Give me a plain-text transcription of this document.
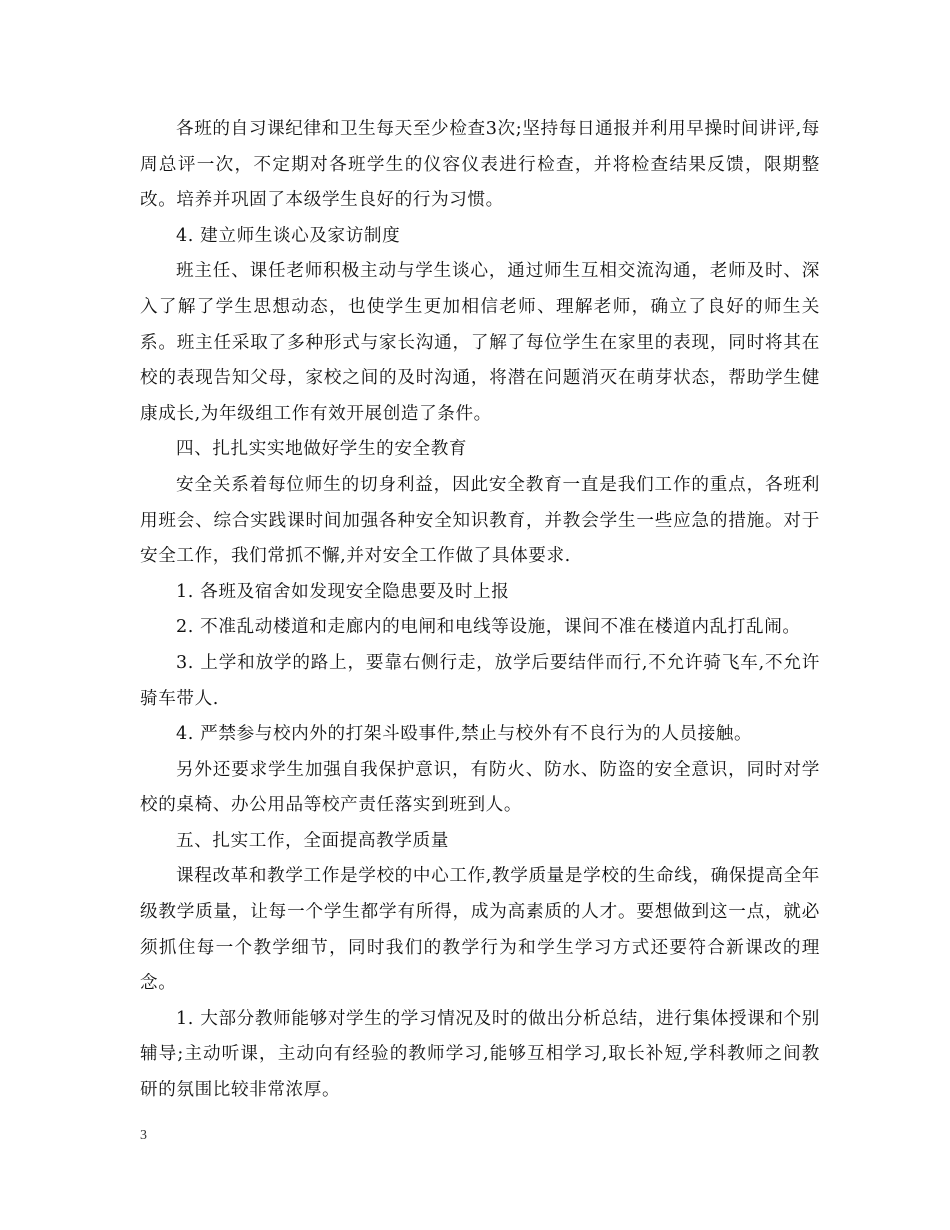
各班的自习课纪律和卫生每天至少检查3次;坚持每日通报并利用早操时间讲评,每周总评一次，不定期对各班学生的仪容仪表进行检查，并将检查结果反馈，限期整改。培养并巩固了本级学生良好的行为习惯。

4. 建立师生谈心及家访制度

班主任、课任老师积极主动与学生谈心，通过师生互相交流沟通，老师及时、深入了解了学生思想动态，也使学生更加相信老师、理解老师，确立了良好的师生关系。班主任采取了多种形式与家长沟通，了解了每位学生在家里的表现，同时将其在校的表现告知父母，家校之间的及时沟通，将潜在问题消灭在萌芽状态，帮助学生健康成长,为年级组工作有效开展创造了条件。

四、扎扎实实地做好学生的安全教育

安全关系着每位师生的切身利益，因此安全教育一直是我们工作的重点，各班利用班会、综合实践课时间加强各种安全知识教育，并教会学生一些应急的措施。对于安全工作，我们常抓不懈,并对安全工作做了具体要求.

1. 各班及宿舍如发现安全隐患要及时上报

2. 不准乱动楼道和走廊内的电闸和电线等设施，课间不准在楼道内乱打乱闹。

3. 上学和放学的路上，要靠右侧行走，放学后要结伴而行,不允许骑飞车,不允许骑车带人.

4. 严禁参与校内外的打架斗殴事件,禁止与校外有不良行为的人员接触。

另外还要求学生加强自我保护意识，有防火、防水、防盗的安全意识，同时对学校的桌椅、办公用品等校产责任落实到班到人。

五、扎实工作，全面提高教学质量

课程改革和教学工作是学校的中心工作,教学质量是学校的生命线，确保提高全年级教学质量，让每一个学生都学有所得，成为高素质的人才。要想做到这一点，就必须抓住每一个教学细节，同时我们的教学行为和学生学习方式还要符合新课改的理念。

1. 大部分教师能够对学生的学习情况及时的做出分析总结，进行集体授课和个别辅导;主动听课，主动向有经验的教师学习,能够互相学习,取长补短,学科教师之间教研的氛围比较非常浓厚。

3
